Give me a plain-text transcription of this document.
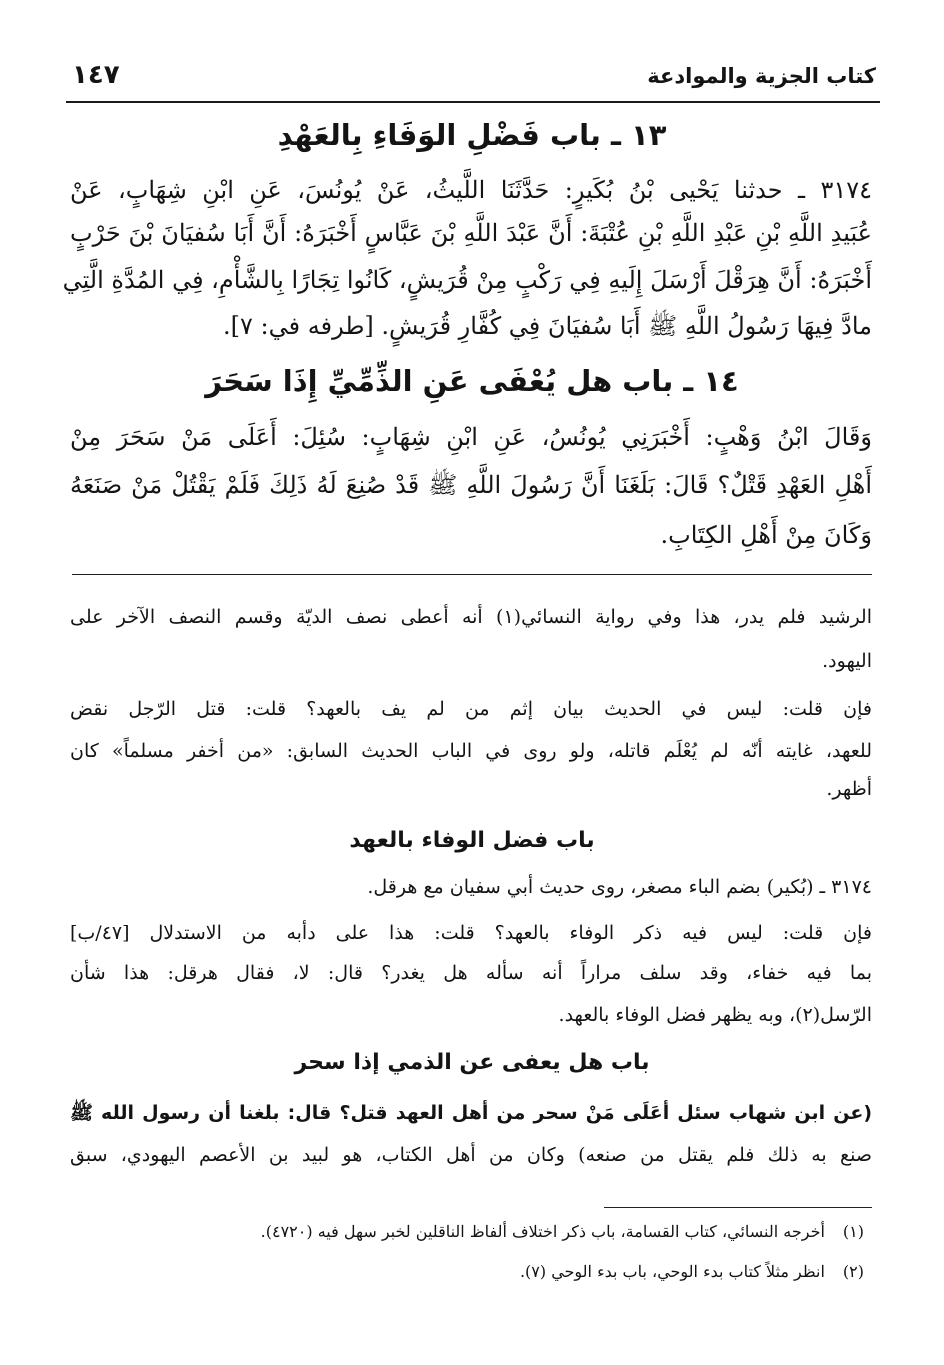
كتاب الجزية والموادعة
١٤٧
١٣ ـ باب فَضْلِ الوَفَاءِ بِالعَهْدِ
٣١٧٤ ـ حدثنا يَحْيى بْنُ بُكَيرٍ: حَدَّثَنَا اللَّيثُ، عَنْ يُونُسَ، عَنِ ابْنِ شِهَابٍ، عَنْ
عُبَيدِ اللَّهِ بْنِ عَبْدِ اللَّهِ بْنِ عُتْبَةَ: أَنَّ عَبْدَ اللَّهِ بْنَ عَبَّاسٍ أَخْبَرَهُ: أَنَّ أَبَا سُفيَانَ بْنَ حَرْبٍ
أَخْبَرَهُ: أَنَّ هِرَقْلَ أَرْسَلَ إِلَيهِ فِي رَكْبٍ مِنْ قُرَيشٍ، كَانُوا تِجَارًا بِالشَّأْمِ، فِي المُدَّةِ الَّتِي
مادَّ فِيهَا رَسُولُ اللَّهِ ﷺ أَبَا سُفيَانَ فِي كُفَّارِ قُرَيشٍ. [طرفه في: ٧].
١٤ ـ باب هل يُعْفَى عَنِ الذِّمِّيِّ إِذَا سَحَرَ
وَقَالَ ابْنُ وَهْبٍ: أَخْبَرَنِي يُونُسُ، عَنِ ابْنِ شِهَابٍ: سُئِلَ: أَعَلَى مَنْ سَحَرَ مِنْ
أَهْلِ العَهْدِ قَتْلٌ؟ قَالَ: بَلَغَنَا أَنَّ رَسُولَ اللَّهِ ﷺ قَدْ صُنِعَ لَهُ ذَلِكَ فَلَمْ يَقْتُلْ مَنْ صَنَعَهُ
وَكَانَ مِنْ أَهْلِ الكِتَابِ.
الرشيد فلم يدر، هذا وفي رواية النسائي(١) أنه أعطى نصف الديّة وقسم النصف الآخر على
اليهود.
فإن قلت: ليس في الحديث بيان إثم من لم يف بالعهد؟ قلت: قتل الرّجل نقض
للعهد، غايته أنّه لم يُعْلَم قاتله، ولو روى في الباب الحديث السابق: «من أخفر مسلماً» كان
أظهر.
باب فضل الوفاء بالعهد
٣١٧٤ ـ (بُكير) بضم الباء مصغر، روى حديث أبي سفيان مع هرقل.
فإن قلت: ليس فيه ذكر الوفاء بالعهد؟ قلت: هذا على دأبه من الاستدلال [٤٧/ب]
بما فيه خفاء، وقد سلف مراراً أنه سأله هل يغدر؟ قال: لا، فقال هرقل: هذا شأن
الرّسل(٢)، وبه يظهر فضل الوفاء بالعهد.
باب هل يعفى عن الذمي إذا سحر
(عن ابن شهاب سئل أعَلَى مَنْ سحر من أهل العهد قتل؟ قال: بلغنا أن رسول الله ﷺ
صنع به ذلك فلم يقتل من صنعه) وكان من أهل الكتاب، هو لبيد بن الأعصم اليهودي، سبق
(١) أخرجه النسائي، كتاب القسامة، باب ذكر اختلاف ألفاظ الناقلين لخبر سهل فيه (٤٧٢٠).
(٢) انظر مثلاً كتاب بدء الوحي، باب بدء الوحي (٧).
